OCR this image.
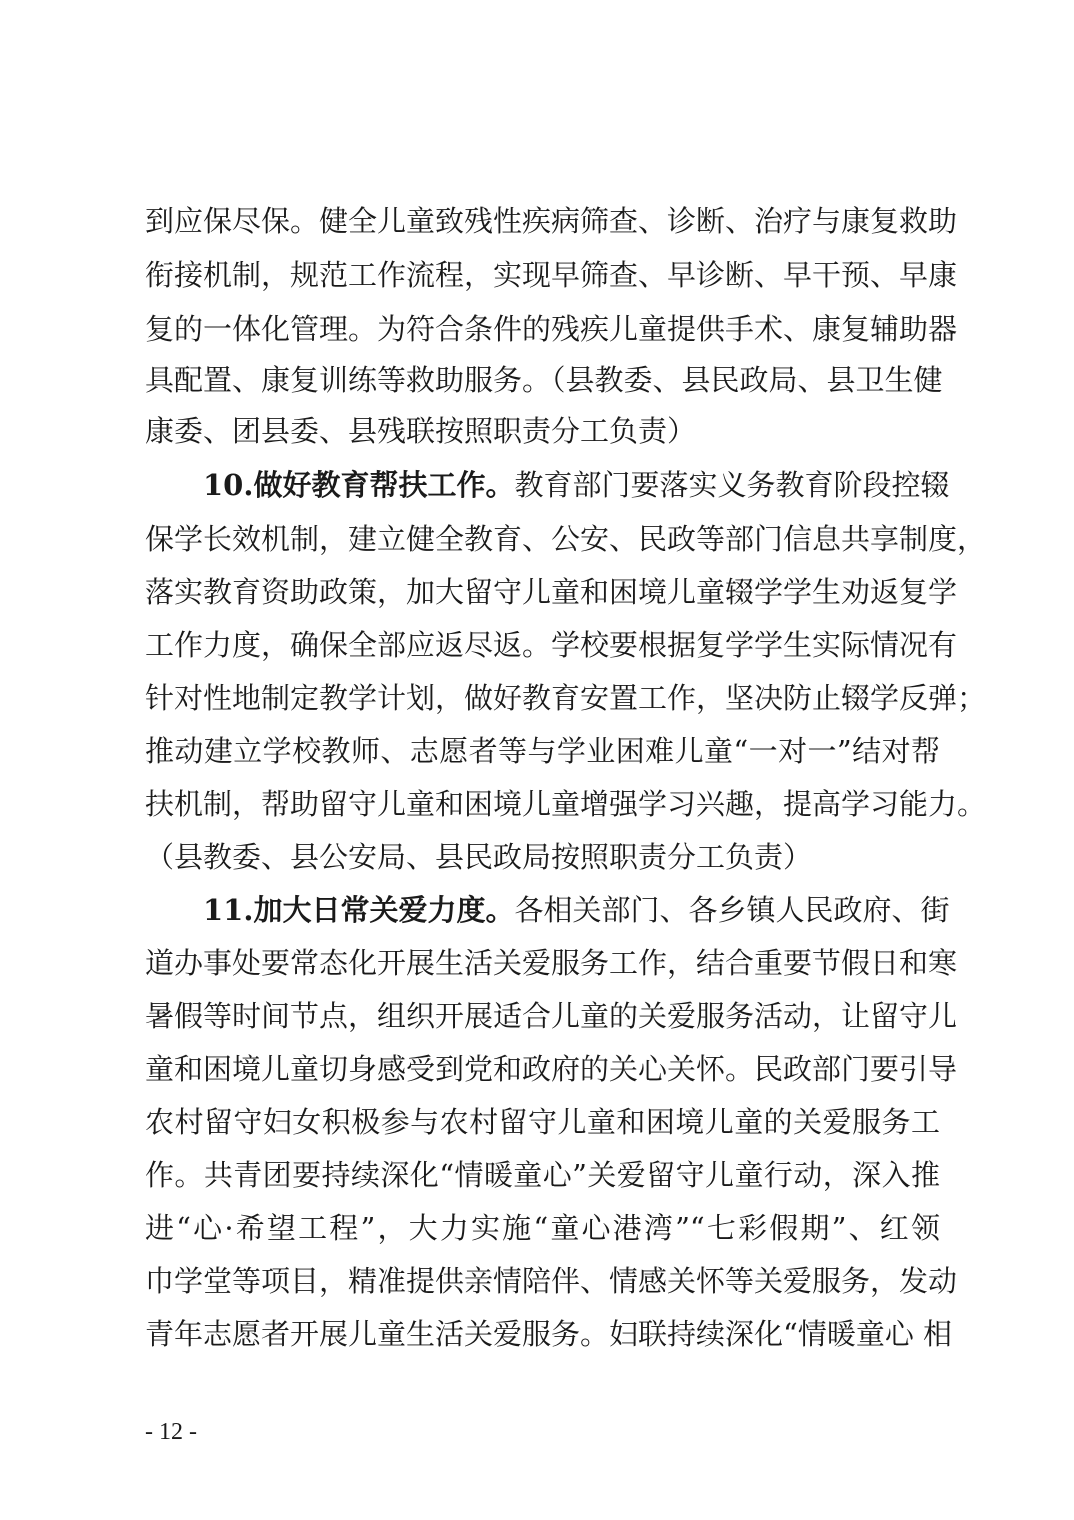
到应保尽保。健全儿童致残性疾病筛查、诊断、治疗与康复救助
衔接机制，规范工作流程，实现早筛查、早诊断、早干预、早康
复的一体化管理。为符合条件的残疾儿童提供手术、康复辅助器
具配置、康复训练等救助服务。（县教委、县民政局、县卫生健
康委、团县委、县残联按照职责分工负责）
10.做好教育帮扶工作。教育部门要落实义务教育阶段控辍
保学长效机制，建立健全教育、公安、民政等部门信息共享制度，
落实教育资助政策，加大留守儿童和困境儿童辍学学生劝返复学
工作力度，确保全部应返尽返。学校要根据复学学生实际情况有
针对性地制定教学计划，做好教育安置工作，坚决防止辍学反弹；
推动建立学校教师、志愿者等与学业困难儿童“一对一”结对帮
扶机制，帮助留守儿童和困境儿童增强学习兴趣，提高学习能力。
（县教委、县公安局、县民政局按照职责分工负责）
11.加大日常关爱力度。各相关部门、各乡镇人民政府、街
道办事处要常态化开展生活关爱服务工作，结合重要节假日和寒
暑假等时间节点，组织开展适合儿童的关爱服务活动，让留守儿
童和困境儿童切身感受到党和政府的关心关怀。民政部门要引导
农村留守妇女积极参与农村留守儿童和困境儿童的关爱服务工
作。共青团要持续深化“情暖童心”关爱留守儿童行动，深入推
进“心·希望工程”，大力实施“童心港湾”“七彩假期”、红领
巾学堂等项目，精准提供亲情陪伴、情感关怀等关爱服务，发动
青年志愿者开展儿童生活关爱服务。妇联持续深化“情暖童心 相
- 12 -
